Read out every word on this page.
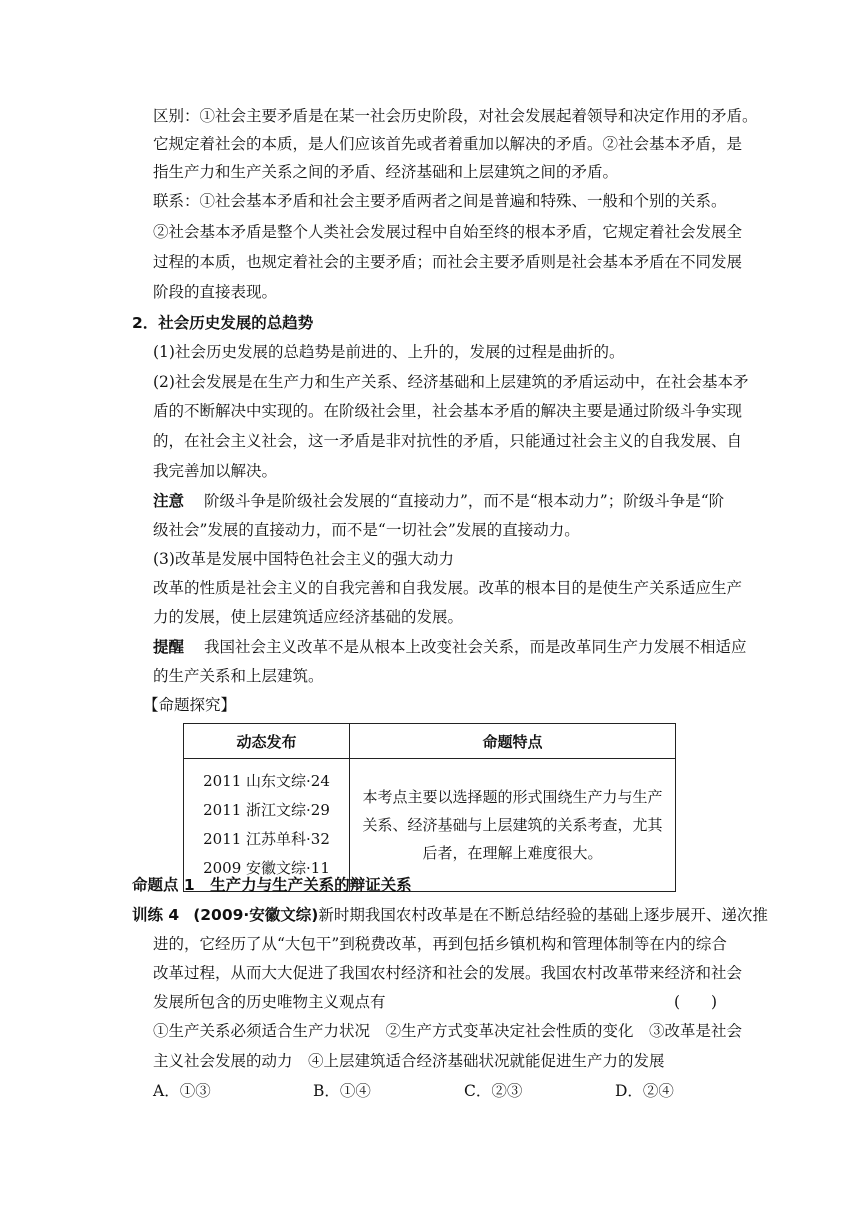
区别：①社会主要矛盾是在某一社会历史阶段，对社会发展起着领导和决定作用的矛盾。
它规定着社会的本质，是人们应该首先或者着重加以解决的矛盾。②社会基本矛盾，是
指生产力和生产关系之间的矛盾、经济基础和上层建筑之间的矛盾。
联系：①社会基本矛盾和社会主要矛盾两者之间是普遍和特殊、一般和个别的关系。
②社会基本矛盾是整个人类社会发展过程中自始至终的根本矛盾，它规定着社会发展全
过程的本质，也规定着社会的主要矛盾；而社会主要矛盾则是社会基本矛盾在不同发展
阶段的直接表现。
2．社会历史发展的总趋势
(1)社会历史发展的总趋势是前进的、上升的，发展的过程是曲折的。
(2)社会发展是在生产力和生产关系、经济基础和上层建筑的矛盾运动中，在社会基本矛
盾的不断解决中实现的。在阶级社会里，社会基本矛盾的解决主要是通过阶级斗争实现
的，在社会主义社会，这一矛盾是非对抗性的矛盾，只能通过社会主义的自我发展、自
我完善加以解决。
注意 阶级斗争是阶级社会发展的“直接动力”，而不是“根本动力”；阶级斗争是“阶
级社会”发展的直接动力，而不是“一切社会”发展的直接动力。
(3)改革是发展中国特色社会主义的强大动力
改革的性质是社会主义的自我完善和自我发展。改革的根本目的是使生产关系适应生产
力的发展，使上层建筑适应经济基础的发展。
提醒 我国社会主义改革不是从根本上改变社会关系，而是改革同生产力发展不相适应
的生产关系和上层建筑。
【命题探究】
动态发布	命题特点

2011 山东文综·24
2011 浙江文综·29
2011 江苏单科·32
2009 安徽文综·11	本考点主要以选择题的形式围绕生产力与生产关系、经济基础与上层建筑的关系考查，尤其后者，在理解上难度很大。
命题点 1　生产力与生产关系的辩证关系
训练 4 (2009·安徽文综)新时期我国农村改革是在不断总结经验的基础上逐步展开、递次推
进的，它经历了从“大包干”到税费改革，再到包括乡镇机构和管理体制等在内的综合
改革过程，从而大大促进了我国农村经济和社会的发展。我国农村改革带来经济和社会
发展所包含的历史唯物主义观点有	(　　)
①生产关系必须适合生产力状况　②生产方式变革决定社会性质的变化　③改革是社会
主义社会发展的动力　④上层建筑适合经济基础状况就能促进生产力的发展
A．①③	B．①④	C．②③	D．②④
